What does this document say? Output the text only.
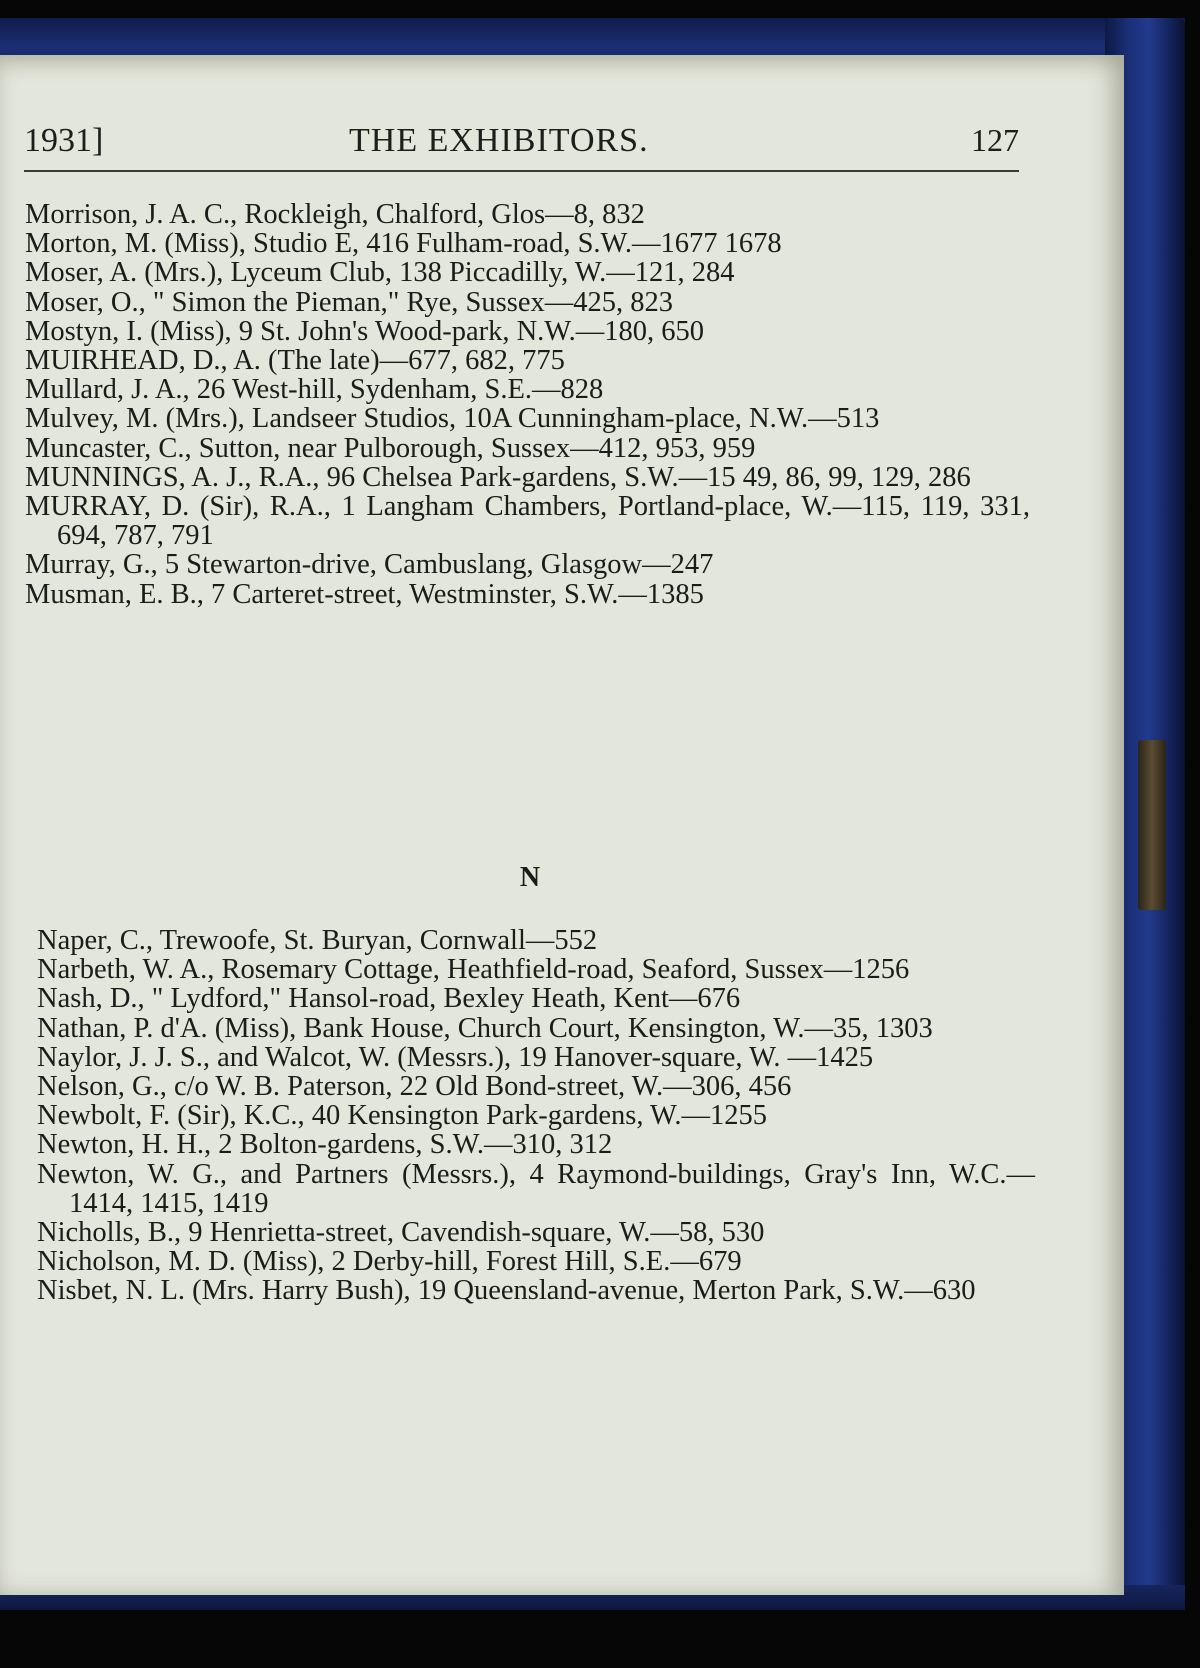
1931]	THE EXHIBITORS.	127

Morrison, J. A. C., Rockleigh, Chalford, Glos—8, 832

Morton, M. (Miss), Studio E, 416 Fulham-road, S.W.—1677 1678

Moser, A. (Mrs.), Lyceum Club, 138 Piccadilly, W.—121, 284

Moser, O., " Simon the Pieman," Rye, Sussex—425, 823

Mostyn, I. (Miss), 9 St. John's Wood-park, N.W.—180, 650

MUIRHEAD, D., A. (The late)—677, 682, 775

Mullard, J. A., 26 West-hill, Sydenham, S.E.—828

Mulvey, M. (Mrs.), Landseer Studios, 10A Cunningham-place, N.W.—513

Muncaster, C., Sutton, near Pulborough, Sussex—412, 953, 959

MUNNINGS, A. J., R.A., 96 Chelsea Park-gardens, S.W.—15 49, 86, 99, 129, 286

MURRAY, D. (Sir), R.A., 1 Langham Chambers, Portland-place, W.—115, 119, 331, 694, 787, 791

Murray, G., 5 Stewarton-drive, Cambuslang, Glasgow—247

Musman, E. B., 7 Carteret-street, Westminster, S.W.—1385

N

Naper, C., Trewoofe, St. Buryan, Cornwall—552

Narbeth, W. A., Rosemary Cottage, Heathfield-road, Seaford, Sussex—1256

Nash, D., " Lydford," Hansol-road, Bexley Heath, Kent—676

Nathan, P. d'A. (Miss), Bank House, Church Court, Kensington, W.—35, 1303

Naylor, J. J. S., and Walcot, W. (Messrs.), 19 Hanover-square, W. —1425

Nelson, G., c/o W. B. Paterson, 22 Old Bond-street, W.—306, 456

Newbolt, F. (Sir), K.C., 40 Kensington Park-gardens, W.—1255

Newton, H. H., 2 Bolton-gardens, S.W.—310, 312

Newton, W. G., and Partners (Messrs.), 4 Raymond-buildings, Gray's Inn, W.C.—1414, 1415, 1419

Nicholls, B., 9 Henrietta-street, Cavendish-square, W.—58, 530

Nicholson, M. D. (Miss), 2 Derby-hill, Forest Hill, S.E.—679

Nisbet, N. L. (Mrs. Harry Bush), 19 Queensland-avenue, Merton Park, S.W.—630
